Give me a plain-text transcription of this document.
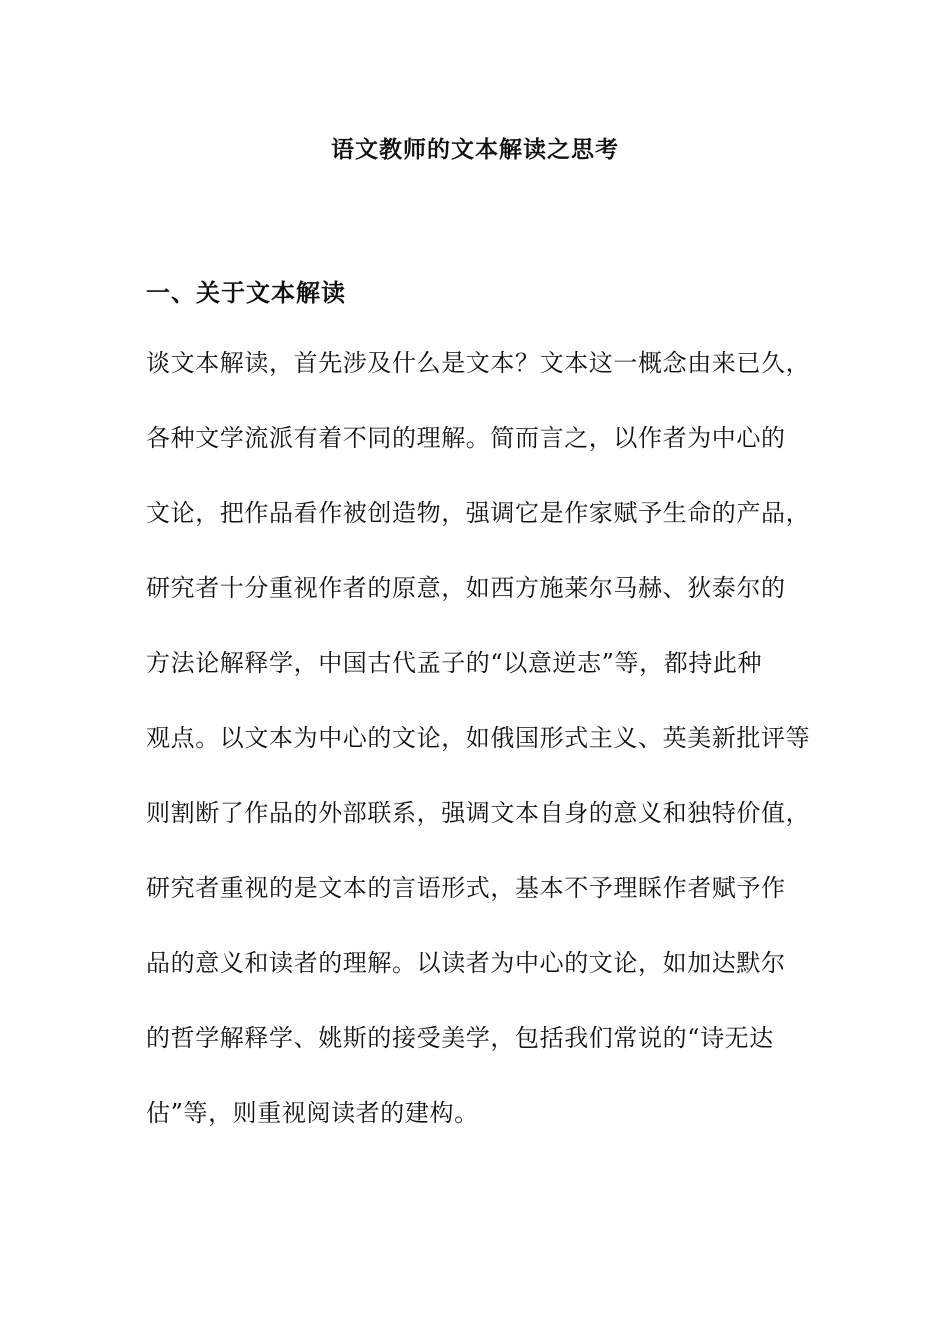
语文教师的文本解读之思考
一、关于文本解读
谈文本解读，首先涉及什么是文本？文本这一概念由来已久，
各种文学流派有着不同的理解。简而言之，以作者为中心的
文论，把作品看作被创造物，强调它是作家赋予生命的产品，
研究者十分重视作者的原意，如西方施莱尔马赫、狄泰尔的
方法论解释学，中国古代孟子的“以意逆志”等，都持此种
观点。以文本为中心的文论，如俄国形式主义、英美新批评等
则割断了作品的外部联系，强调文本自身的意义和独特价值，
研究者重视的是文本的言语形式，基本不予理睬作者赋予作
品的意义和读者的理解。以读者为中心的文论，如加达默尔
的哲学解释学、姚斯的接受美学，包括我们常说的“诗无达
估”等，则重视阅读者的建构。
